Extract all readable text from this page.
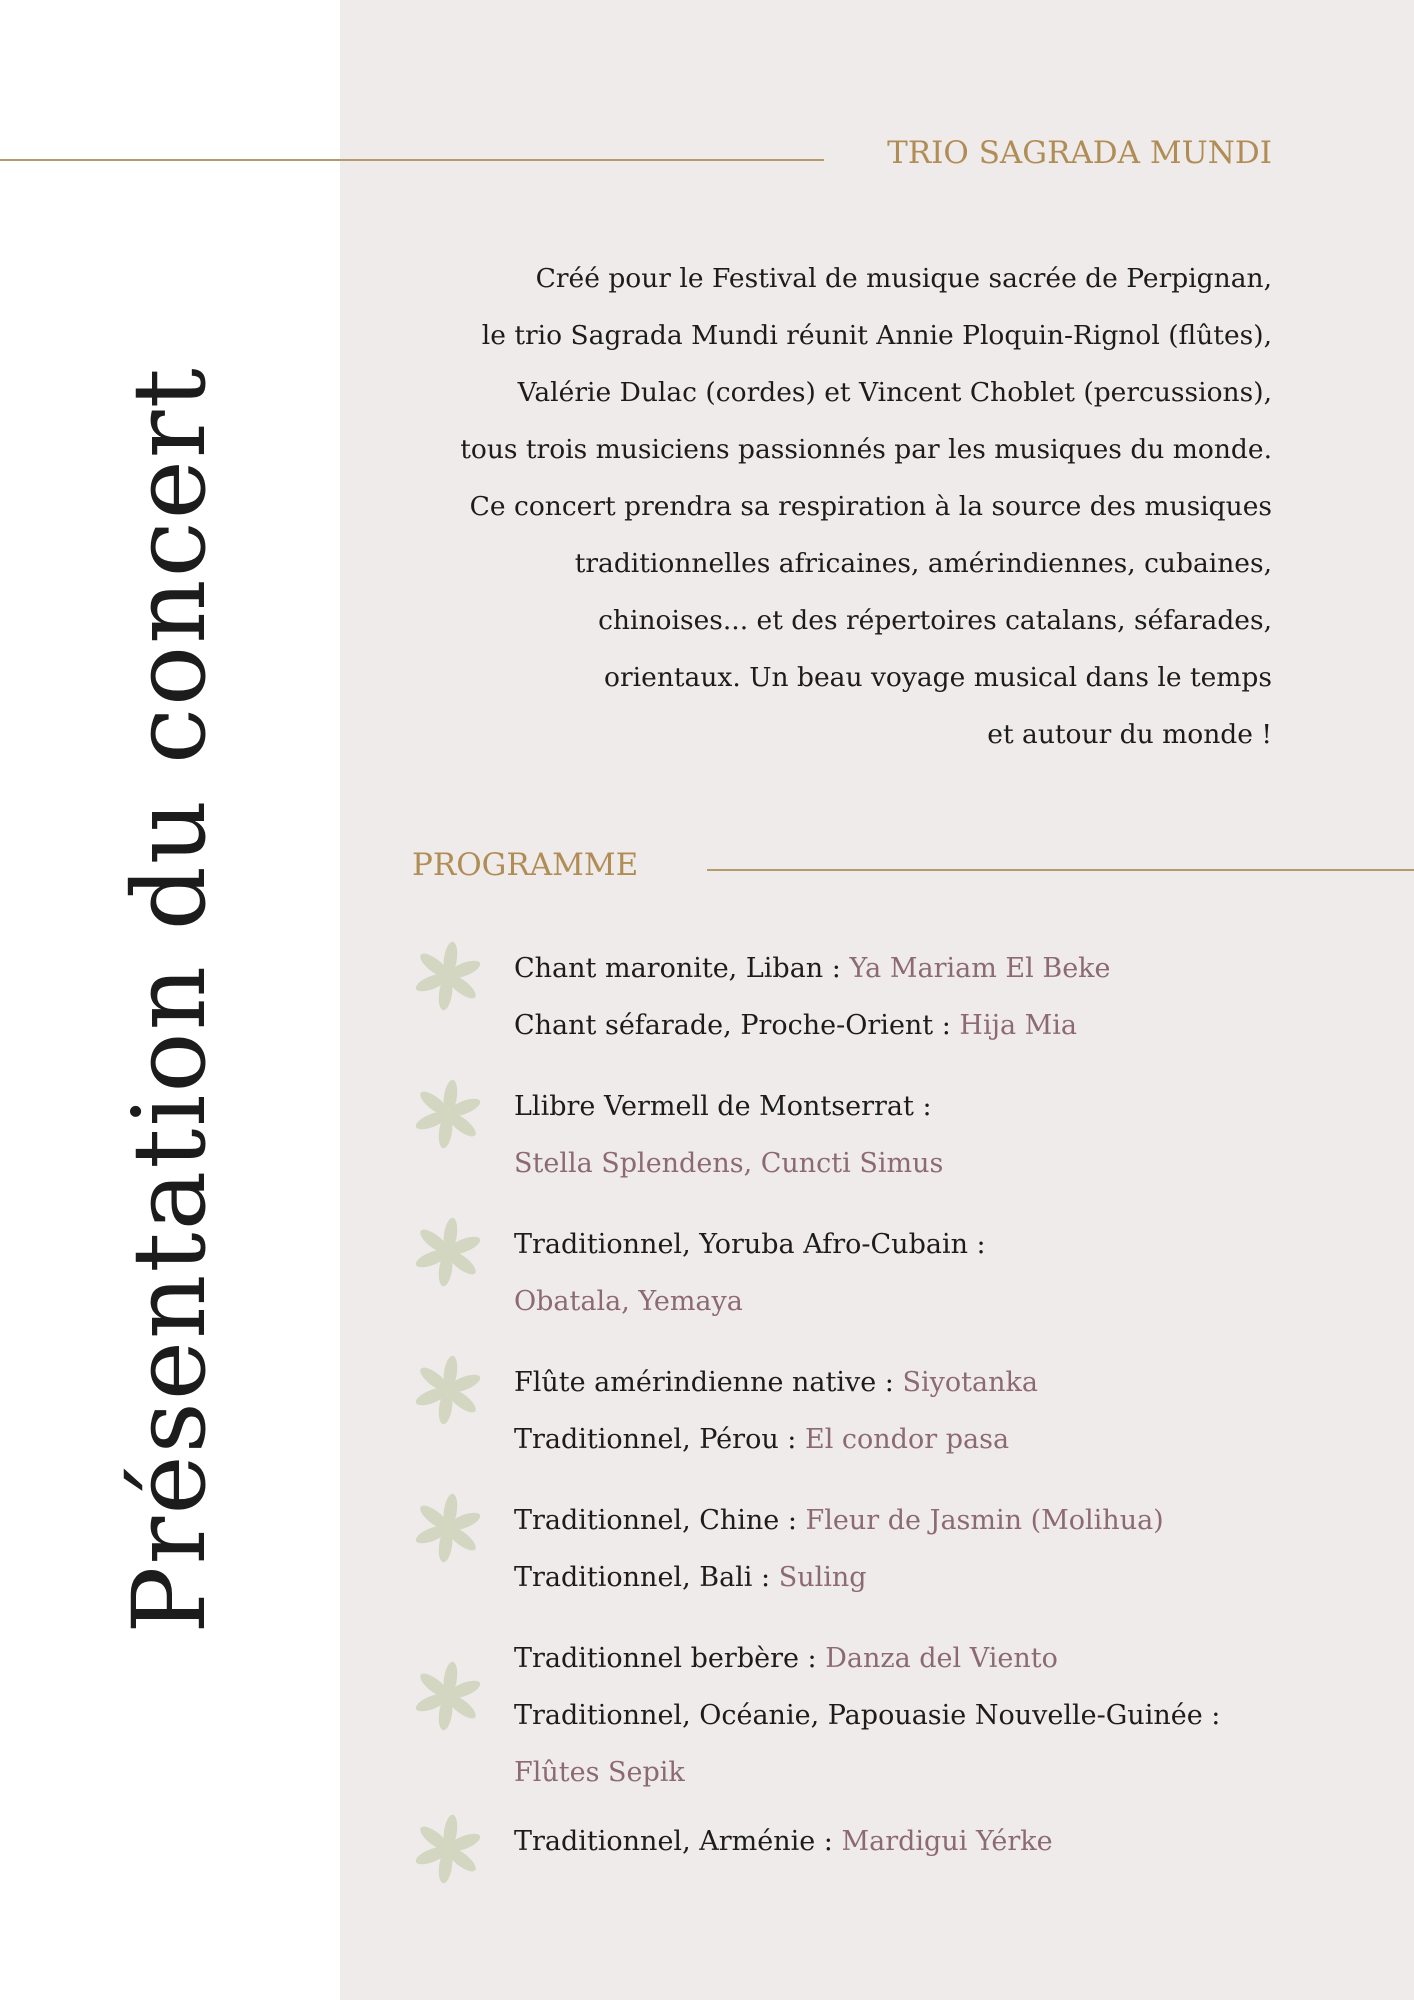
Présentation du concert
TRIO SAGRADA MUNDI
Créé pour le Festival de musique sacrée de Perpignan,
le trio Sagrada Mundi réunit Annie Ploquin-Rignol (flûtes),
Valérie Dulac (cordes) et Vincent Choblet (percussions),
tous trois musiciens passionnés par les musiques du monde.
Ce concert prendra sa respiration à la source des musiques
traditionnelles africaines, amérindiennes, cubaines,
chinoises... et des répertoires catalans, séfarades,
orientaux. Un beau voyage musical dans le temps
et autour du monde !
PROGRAMME
Chant maronite, Liban : Ya Mariam El Beke
Chant séfarade, Proche-Orient : Hija Mia
Llibre Vermell de Montserrat :
Stella Splendens, Cuncti Simus
Traditionnel, Yoruba Afro-Cubain :
Obatala, Yemaya
Flûte amérindienne native : Siyotanka
Traditionnel, Pérou : El condor pasa
Traditionnel, Chine : Fleur de Jasmin (Molihua)
Traditionnel, Bali : Suling
Traditionnel berbère : Danza del Viento
Traditionnel, Océanie, Papouasie Nouvelle-Guinée :
Flûtes Sepik
Traditionnel, Arménie : Mardigui Yérke
